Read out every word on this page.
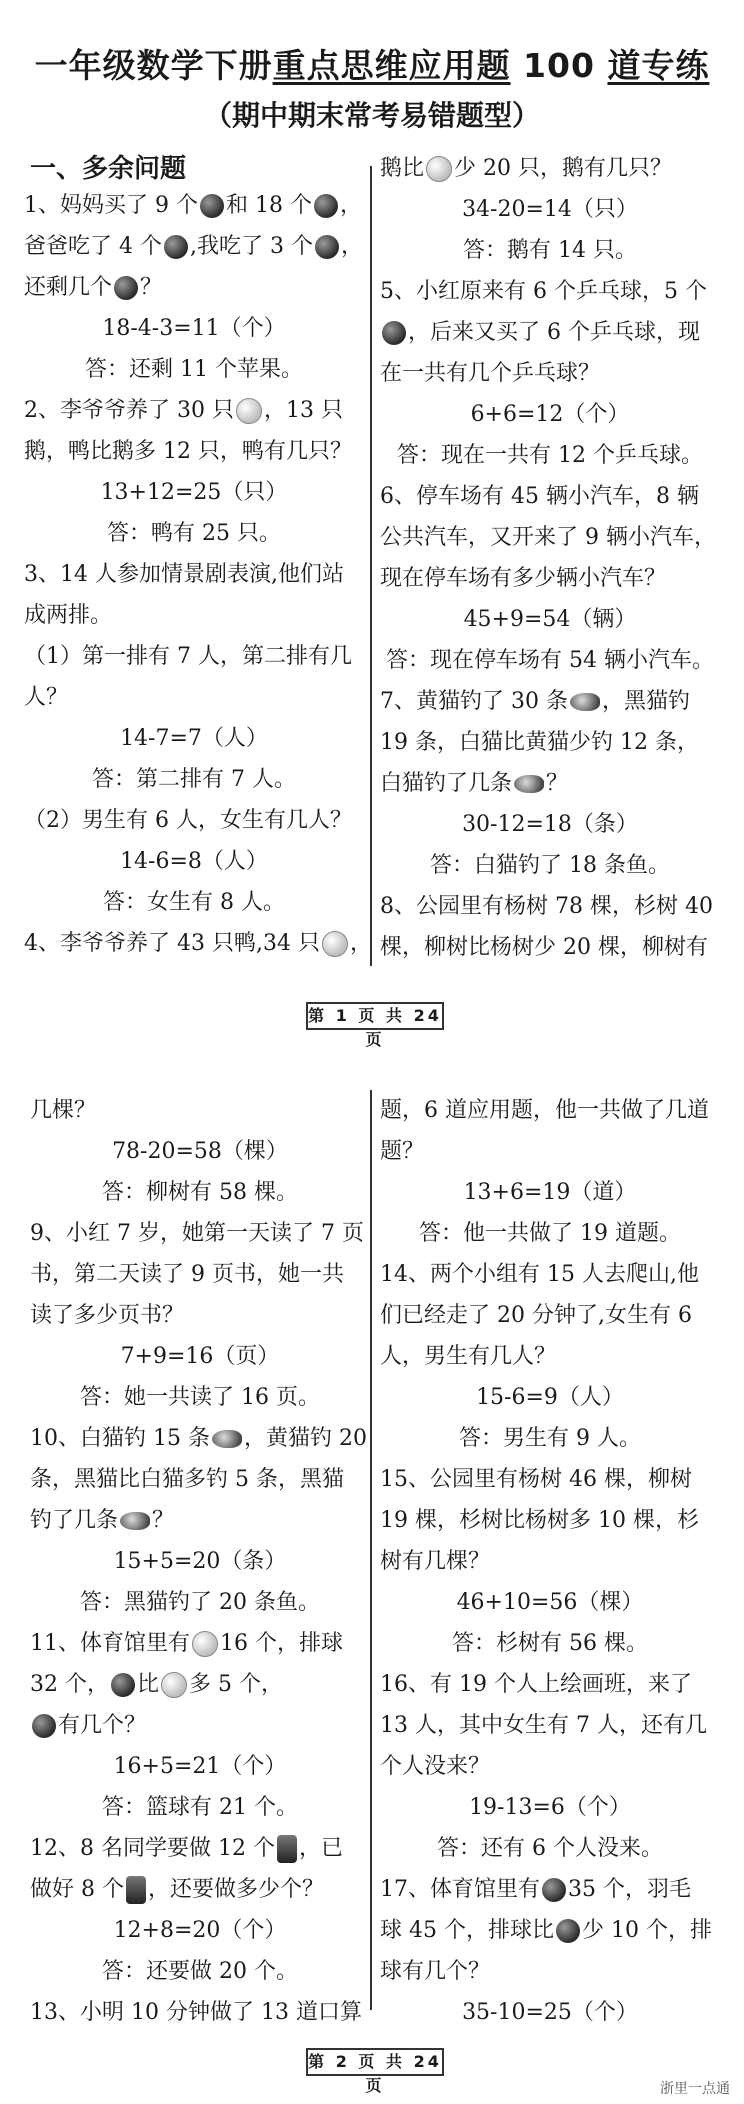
一年级数学下册重点思维应用题 100 道专练
（期中期末常考易错题型）
一、多余问题
1、妈妈买了 9 个 和 18 个 ，
爸爸吃了 4 个 ,我吃了 3 个 ，
还剩几个 ？
18-4-3=11（个）
答：还剩 11 个苹果。
2、李爷爷养了 30 只 ，13 只
鹅，鸭比鹅多 12 只，鸭有几只？
13+12=25（只）
答：鸭有 25 只。
3、14 人参加情景剧表演,他们站
成两排。
（1）第一排有 7 人，第二排有几
人？
14-7=7（人）
答：第二排有 7 人。
（2）男生有 6 人，女生有几人？
14-6=8（人）
答：女生有 8 人。
4、李爷爷养了 43 只鸭,34 只 ，
鹅比 少 20 只，鹅有几只？
34-20=14（只）
答：鹅有 14 只。
5、小红原来有 6 个乒乓球，5 个
，后来又买了 6 个乒乓球，现
在一共有几个乒乓球？
6+6=12（个）
答：现在一共有 12 个乒乓球。
6、停车场有 45 辆小汽车，8 辆
公共汽车，又开来了 9 辆小汽车，
现在停车场有多少辆小汽车？
45+9=54（辆）
答：现在停车场有 54 辆小汽车。
7、黄猫钓了 30 条 ，黑猫钓
19 条，白猫比黄猫少钓 12 条，
白猫钓了几条 ？
30-12=18（条）
答：白猫钓了 18 条鱼。
8、公园里有杨树 78 棵，杉树 40
棵，柳树比杨树少 20 棵，柳树有
第 1 页 共 24 页
几棵？
78-20=58（棵）
答：柳树有 58 棵。
9、小红 7 岁，她第一天读了 7 页
书，第二天读了 9 页书，她一共
读了多少页书？
7+9=16（页）
答：她一共读了 16 页。
10、白猫钓 15 条 ，黄猫钓 20
条，黑猫比白猫多钓 5 条，黑猫
钓了几条 ？
15+5=20（条）
答：黑猫钓了 20 条鱼。
11、体育馆里有 16 个，排球
32 个， 比 多 5 个，
有几个？
16+5=21（个）
答：篮球有 21 个。
12、8 名同学要做 12 个 ，已
做好 8 个 ，还要做多少个？
12+8=20（个）
答：还要做 20 个。
13、小明 10 分钟做了 13 道口算
题，6 道应用题，他一共做了几道
题？
13+6=19（道）
答：他一共做了 19 道题。
14、两个小组有 15 人去爬山,他
们已经走了 20 分钟了,女生有 6
人，男生有几人？
15-6=9（人）
答：男生有 9 人。
15、公园里有杨树 46 棵，柳树
19 棵，杉树比杨树多 10 棵，杉
树有几棵？
46+10=56（棵）
答：杉树有 56 棵。
16、有 19 个人上绘画班，来了
13 人，其中女生有 7 人，还有几
个人没来？
19-13=6（个）
答：还有 6 个人没来。
17、体育馆里有 35 个，羽毛
球 45 个，排球比 少 10 个，排
球有几个？
35-10=25（个）
第 2 页 共 24 页	浙里一点通
